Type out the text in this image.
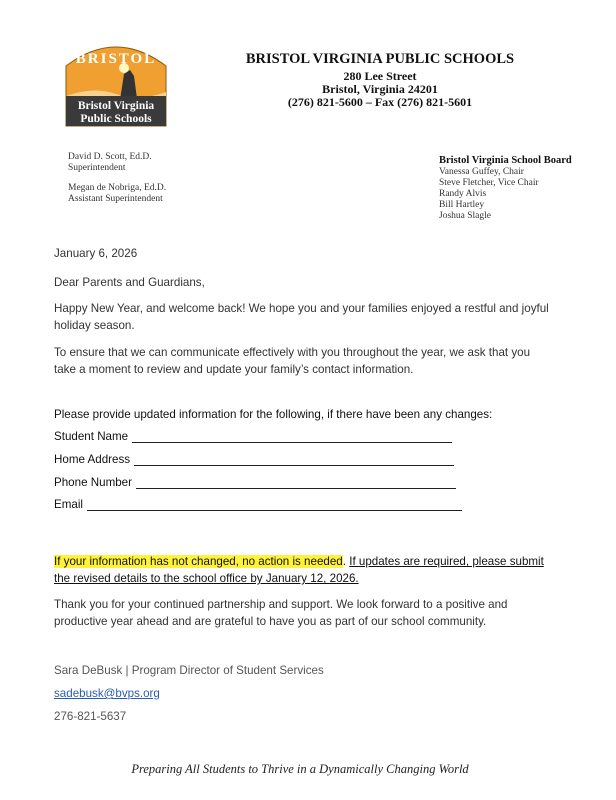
BRISTOL
Bristol Virginia
Public Schools
BRISTOL VIRGINIA PUBLIC SCHOOLS
280 Lee Street
Bristol, Virginia 24201
(276) 821-5600 – Fax (276) 821-5601
David D. Scott, Ed.D.
Superintendent
Megan de Nobriga, Ed.D.
Assistant Superintendent
Bristol Virginia School Board
Vanessa Guffey, Chair
Steve Fletcher, Vice Chair
Randy Alvis
Bill Hartley
Joshua Slagle
January 6, 2026
Dear Parents and Guardians,
Happy New Year, and welcome back! We hope you and your families enjoyed a restful and joyful holiday season.
To ensure that we can communicate effectively with you throughout the year, we ask that you take a moment to review and update your family’s contact information.
Please provide updated information for the following, if there have been any changes:
Student Name
Home Address
Phone Number
Email
If your information has not changed, no action is needed. If updates are required, please submit the revised details to the school office by January 12, 2026.
Thank you for your continued partnership and support. We look forward to a positive and productive year ahead and are grateful to have you as part of our school community.
Sara DeBusk | Program Director of Student Services
sadebusk@bvps.org
276-821-5637
Preparing All Students to Thrive in a Dynamically Changing World
